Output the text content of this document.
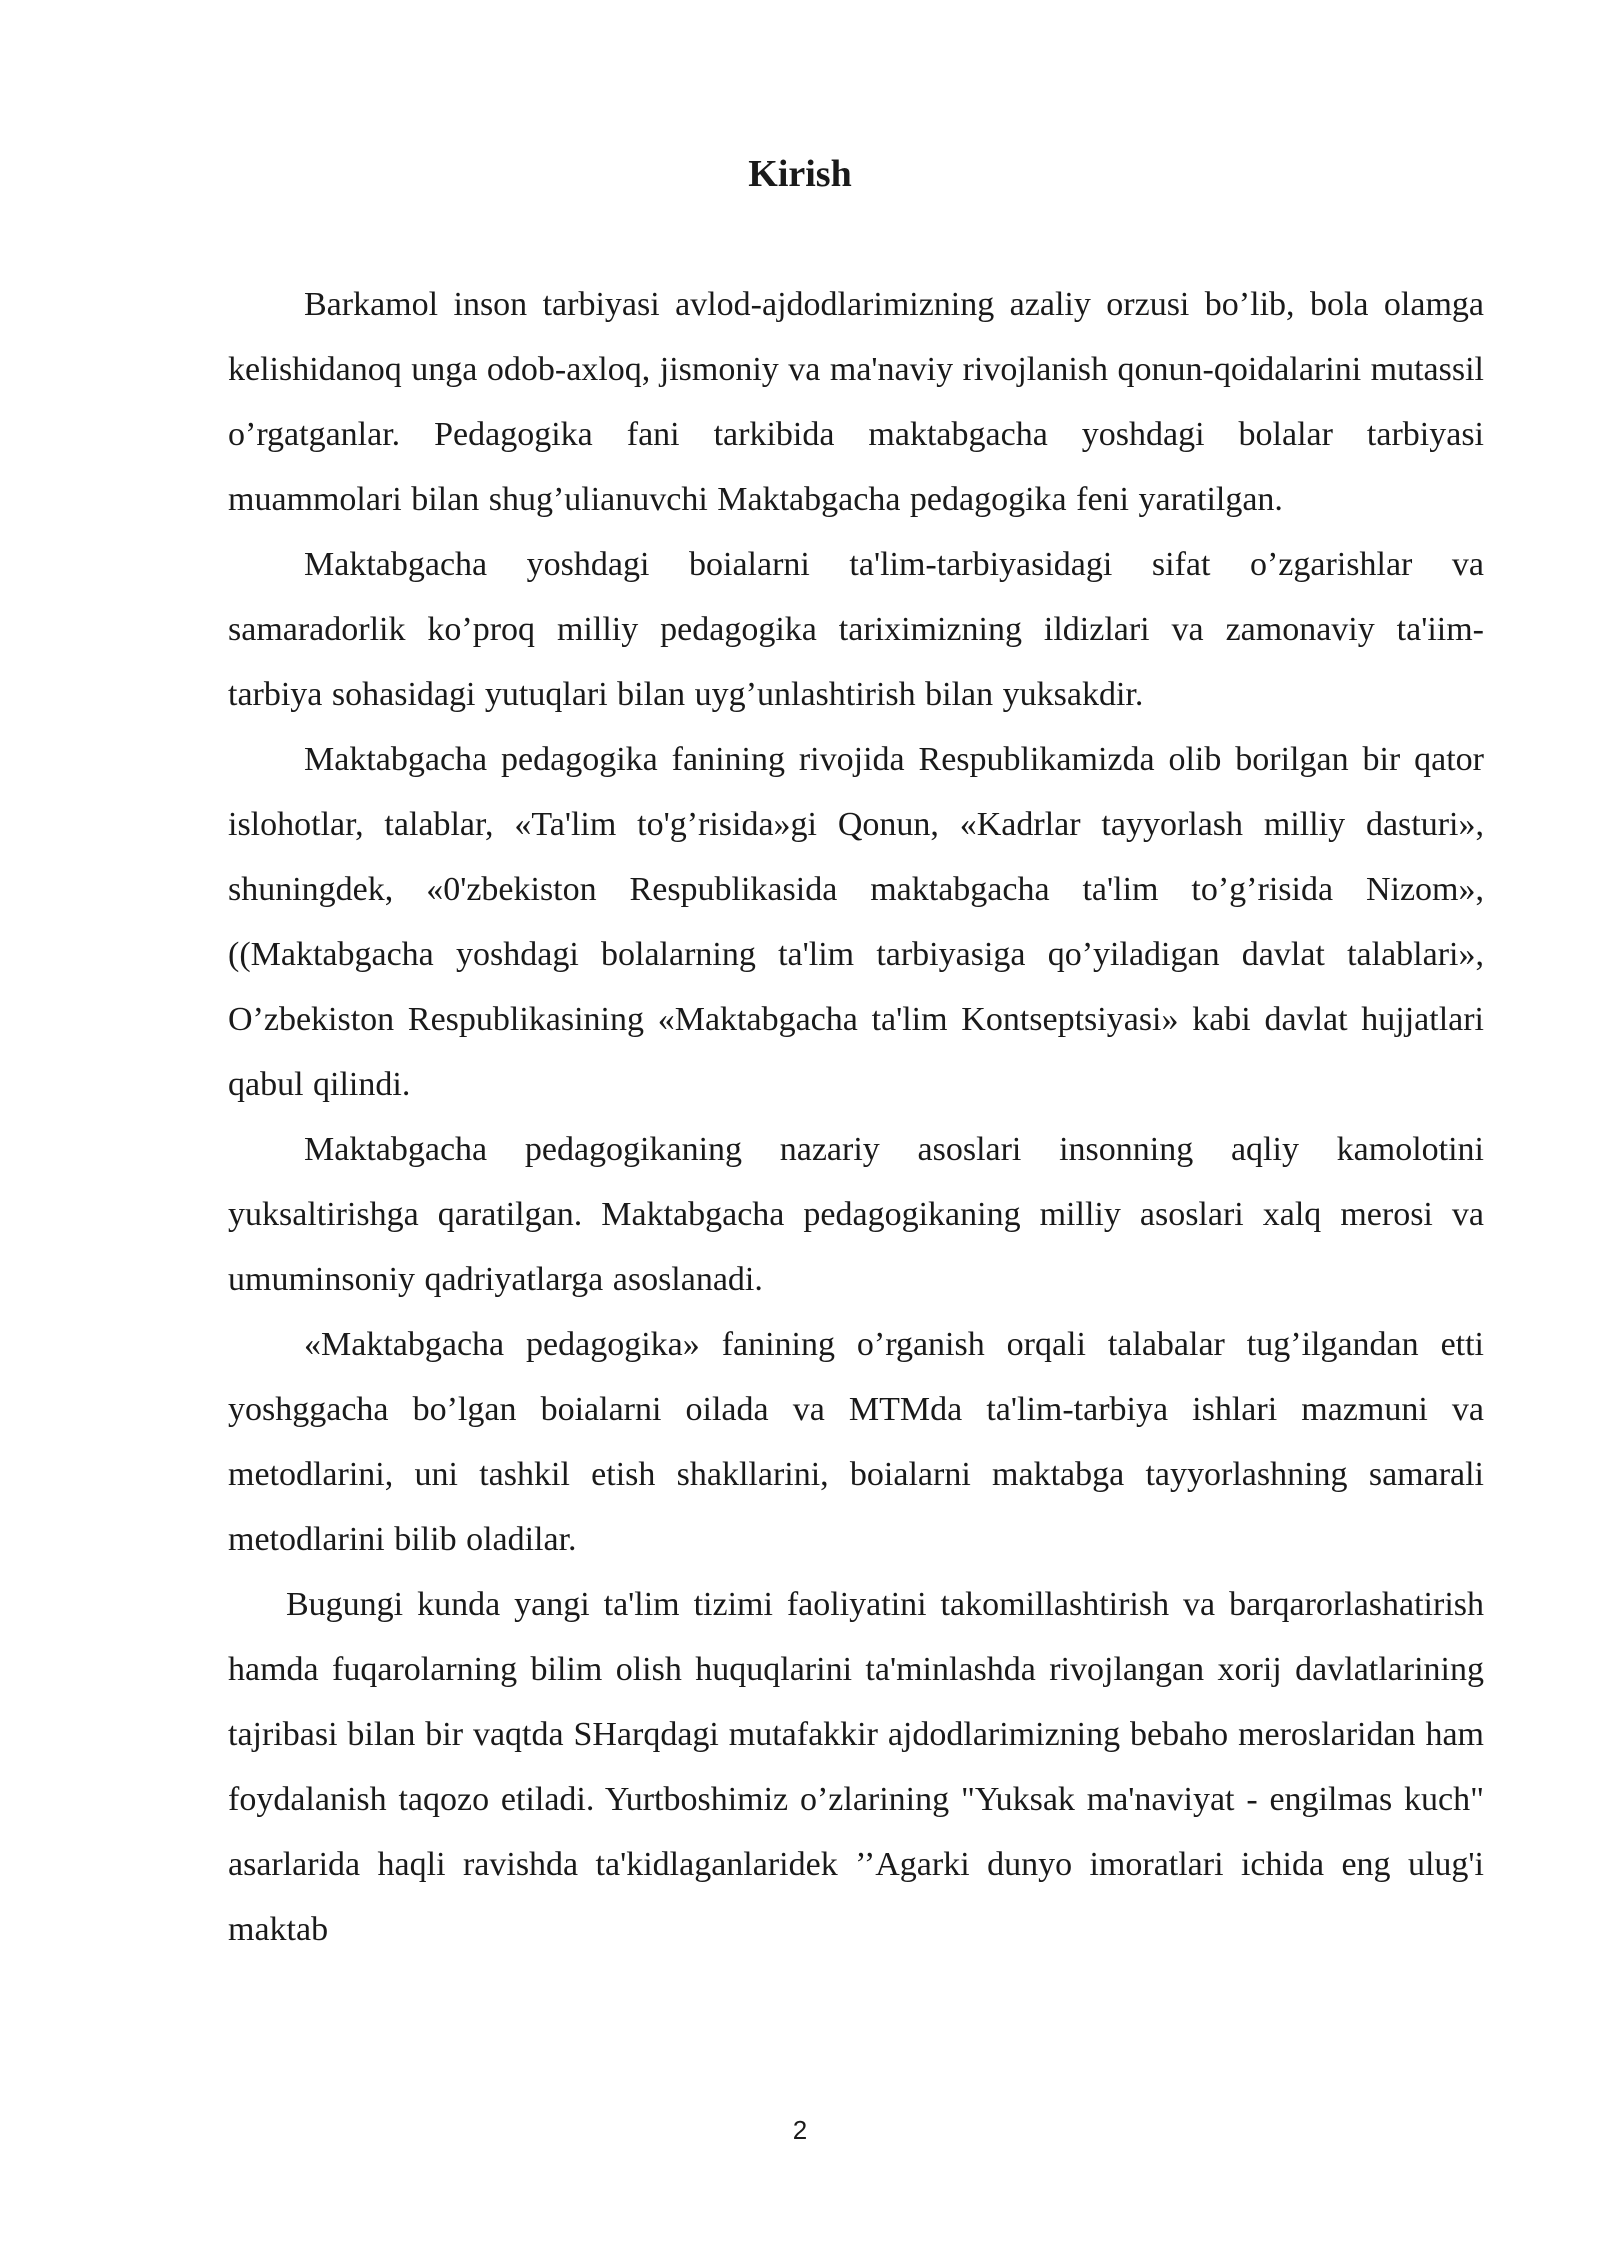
Kirish

Barkamol inson tarbiyasi avlod-ajdodlarimizning azaliy orzusi bo’lib, bola olamga kelishidanoq unga odob-axloq, jismoniy va ma'naviy rivojlanish qonun-qoidalarini mutassil o’rgatganlar. Pedagogika fani tarkibida maktabgacha yoshdagi bolalar tarbiyasi muammolari bilan shug’ulianuvchi Maktabgacha pedagogika feni yaratilgan.

Maktabgacha yoshdagi boialarni ta'lim-tarbiyasidagi sifat o’zgarishlar va samaradorlik ko’proq milliy pedagogika tariximizning ildizlari va zamonaviy ta'iim- tarbiya sohasidagi yutuqlari bilan uyg’unlashtirish bilan yuksakdir.

Maktabgacha pedagogika fanining rivojida Respublikamizda olib borilgan bir qator islohotlar, talablar, «Ta'lim to'g’risida»gi Qonun, «Kadrlar tayyorlash milliy dasturi», shuningdek, «0'zbekiston Respublikasida maktabgacha ta'lim to’g’risida Nizom»,((Maktabgacha yoshdagi bolalarning ta'lim tarbiyasiga qo’yiladigan davlat talablari», O’zbekiston Respublikasining «Maktabgacha ta'lim Kontseptsiyasi» kabi davlat hujjatlari qabul qilindi.

Maktabgacha pedagogikaning nazariy asoslari insonning aqliy kamolotini yuksaltirishga qaratilgan. Maktabgacha pedagogikaning milliy asoslari xalq merosi va umuminsoniy qadriyatlarga asoslanadi.

«Maktabgacha pedagogika» fanining o’rganish orqali talabalar tug’ilgandan etti yoshggacha bo’lgan boialarni oilada va MTMda ta'lim-tarbiya ishlari mazmuni va metodlarini, uni tashkil etish shakllarini, boialarni maktabga tayyorlashning samarali metodlarini bilib oladilar.

Bugungi kunda yangi ta'lim tizimi faoliyatini takomillashtirish va barqarorlashatirish hamda fuqarolarning bilim olish huquqlarini ta'minlashda rivojlangan xorij davlatlarining tajribasi bilan bir vaqtda SHarqdagi mutafakkir ajdodlarimizning bebaho meroslaridan ham foydalanish taqozo etiladi. Yurtboshimiz o’zlarining "Yuksak ma'naviyat - engilmas kuch" asarlarida haqli ravishda ta'kidlaganlaridek ’’Agarki dunyo imoratlari ichida eng ulug'i maktab

2
